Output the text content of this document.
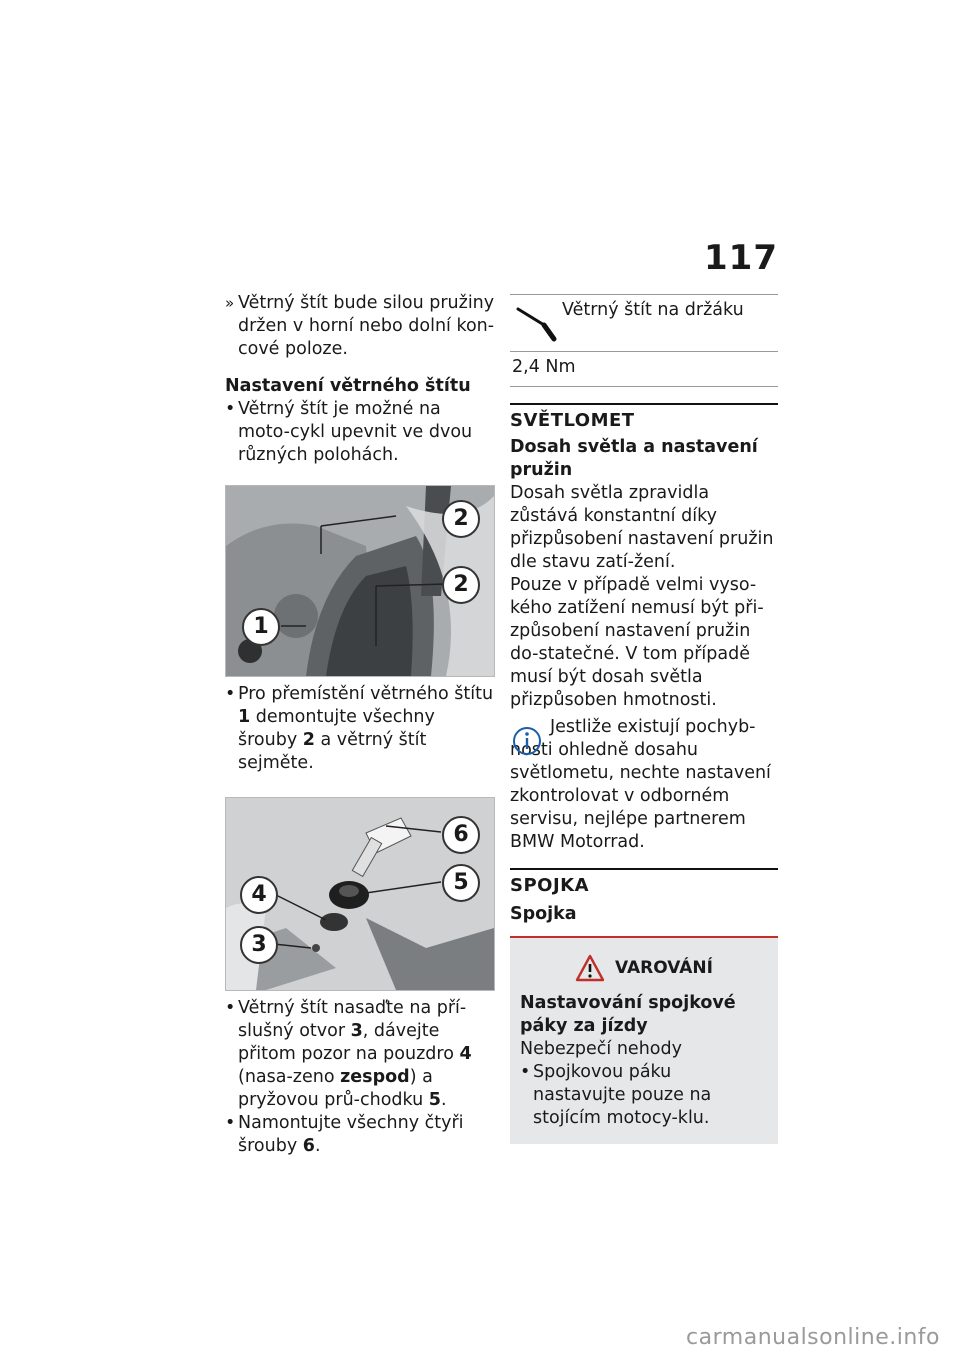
117

» Větrný štít bude silou pružiny držen v horní nebo dolní kon-cové poloze.

Nastavení větrného štítu

• Větrný štít je možné na moto-cykl upevnit ve dvou různých polohách.

2
2
1

• Pro přemístění větrného štítu 1 demontujte všechny šrouby 2 a větrný štít sejměte.

6
5
4
3

• Větrný štít nasaďte na pří-slušný otvor 3, dávejte přitom pozor na pouzdro 4 (nasa-zeno zespod) a pryžovou prů-chodku 5.

• Namontujte všechny čtyři šrouby 6.

Větrný štít na držáku
2,4 Nm
SVĚTLOMET

Dosah světla a nastavení pružin

Dosah světla zpravidla zůstává konstantní díky přizpůsobení nastavení pružin dle stavu zatí-žení.

Pouze v případě velmi vyso-kého zatížení nemusí být při-způsobení nastavení pružin do-statečné. V tom případě musí být dosah světla přizpůsoben hmotnosti.

Jestliže existují pochyb-nosti ohledně dosahu světlometu, nechte nastavení zkontrolovat v odborném servisu, nejlépe partnerem BMW Motorrad.

SPOJKA

Spojka

VAROVÁNÍ

Nastavování spojkové páky za jízdy

Nebezpečí nehody

• Spojkovou páku nastavujte pouze na stojícím motocy-klu.

carmanualsonline.info
